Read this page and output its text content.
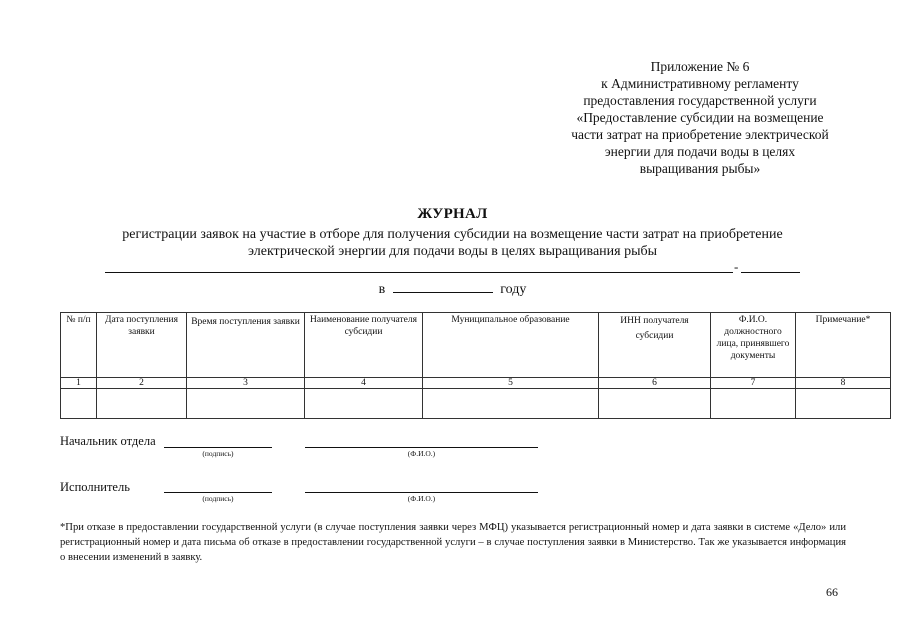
Приложение № 6
к Административному регламенту
предоставления государственной услуги
«Предоставление субсидии на возмещение
части затрат на приобретение электрической
энергии для подачи воды в целях
выращивания рыбы»
ЖУРНАЛ
регистрации заявок на участие в отборе для получения субсидии на возмещение части затрат на приобретение
электрической энергии для подачи воды в целях выращивания рыбы
-
в	году
№ п/п	Дата поступления заявки	Время поступления заявки	Наименование получателя субсидии	Муниципальное образование	ИНН получателя субсидии	Ф.И.О. должностного лица, принявшего документы	Примечание*
1	2	3	4	5	6	7	8

Начальник отдела
(подпись)	(Ф.И.О.)
Исполнитель
(подпись)	(Ф.И.О.)
*При отказе в предоставлении государственной услуги (в случае поступления заявки через МФЦ) указывается регистрационный номер и дата заявки в системе «Дело» или регистрационный номер и дата письма об отказе в предоставлении государственной услуги – в случае поступления заявки в Министерство. Так же указывается информация о внесении изменений в заявку.
66
